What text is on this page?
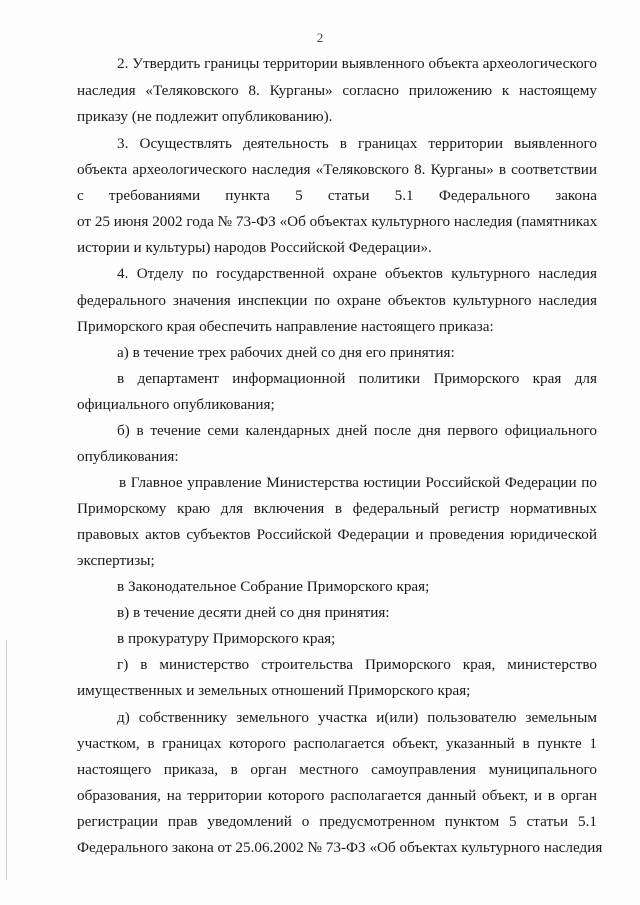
2
2. Утвердить границы территории выявленного объекта археологического
наследия «Теляковского 8. Курганы» согласно приложению к настоящему
приказу (не подлежит опубликованию).
3. Осуществлять деятельность в границах территории выявленного
объекта археологического наследия «Теляковского 8. Курганы» в соответствии
с требованиями пункта 5 статьи 5.1 Федерального закона
от 25 июня 2002 года № 73-ФЗ «Об объектах культурного наследия (памятниках
истории и культуры) народов Российской Федерации».
4. Отделу по государственной охране объектов культурного наследия
федерального значения инспекции по охране объектов культурного наследия
Приморского края обеспечить направление настоящего приказа:
а) в течение трех рабочих дней со дня его принятия:
в департамент информационной политики Приморского края для
официального опубликования;
б) в течение семи календарных дней после дня первого официального
опубликования:
в Главное управление Министерства юстиции Российской Федерации по
Приморскому краю для включения в федеральный регистр нормативных
правовых актов субъектов Российской Федерации и проведения юридической
экспертизы;
в Законодательное Собрание Приморского края;
в) в течение десяти дней со дня принятия:
в прокуратуру Приморского края;
г) в министерство строительства Приморского края, министерство
имущественных и земельных отношений Приморского края;
д) собственнику земельного участка и(или) пользователю земельным
участком, в границах которого располагается объект, указанный в пункте 1
настоящего приказа, в орган местного самоуправления муниципального
образования, на территории которого располагается данный объект, и в орган
регистрации прав уведомлений о предусмотренном пунктом 5 статьи 5.1
Федерального закона от 25.06.2002 № 73-ФЗ «Об объектах культурного наследия
